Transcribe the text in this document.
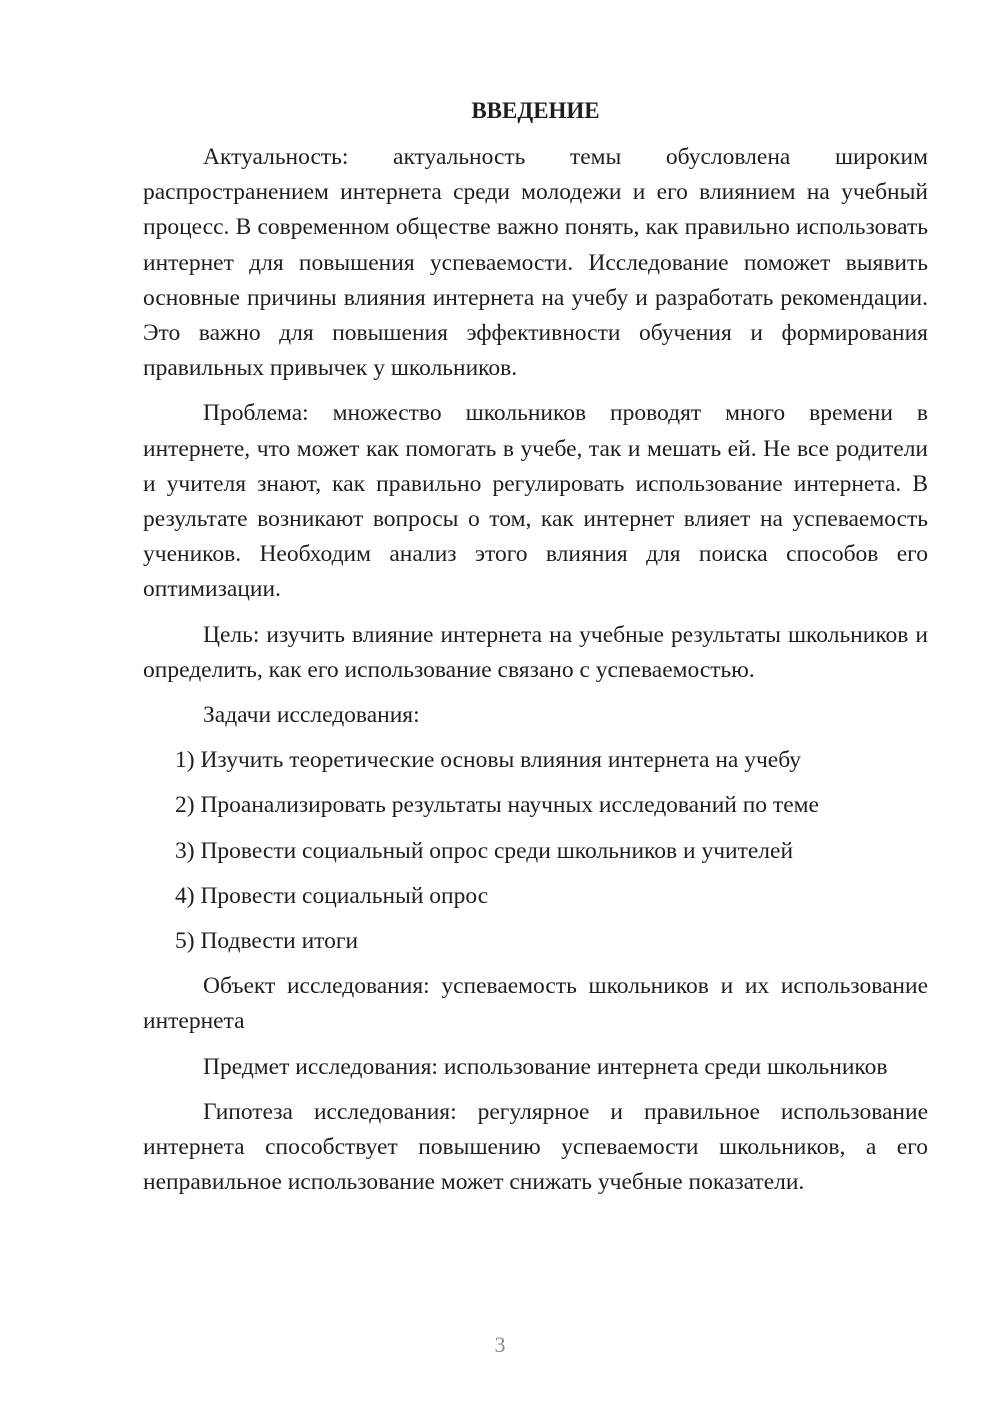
ВВЕДЕНИЕ

Актуальность: актуальность темы обусловлена широким распространением интернета среди молодежи и его влиянием на учебный процесс. В современном обществе важно понять, как правильно использовать интернет для повышения успеваемости. Исследование поможет выявить основные причины влияния интернета на учебу и разработать рекомендации. Это важно для повышения эффективности обучения и формирования правильных привычек у школьников.

Проблема: множество школьников проводят много времени в интернете, что может как помогать в учебе, так и мешать ей. Не все родители и учителя знают, как правильно регулировать использование интернета. В результате возникают вопросы о том, как интернет влияет на успеваемость учеников. Необходим анализ этого влияния для поиска способов его оптимизации.

Цель: изучить влияние интернета на учебные результаты школьников и определить, как его использование связано с успеваемостью.

Задачи исследования:

1) Изучить теоретические основы влияния интернета на учебу
2) Проанализировать результаты научных исследований по теме
3) Провести социальный опрос среди школьников и учителей
4) Провести социальный опрос
5) Подвести итоги

Объект исследования: успеваемость школьников и их использование интернета

Предмет исследования: использование интернета среди школьников

Гипотеза исследования: регулярное и правильное использование интернета способствует повышению успеваемости школьников, а его неправильное использование может снижать учебные показатели.

3
